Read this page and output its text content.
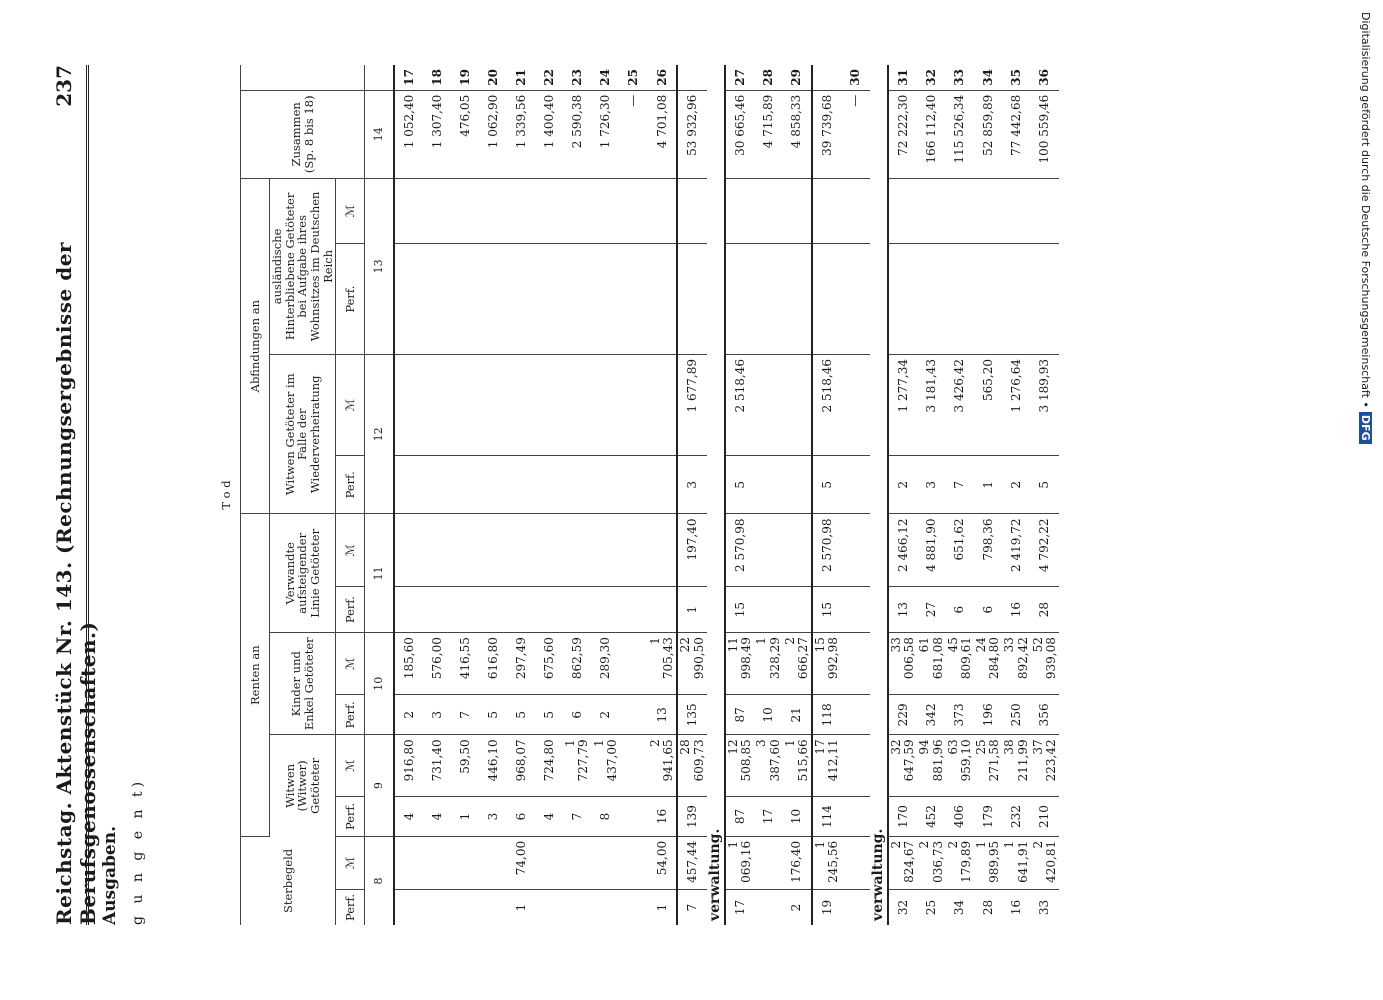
Reichstag. Aktenstück Nr. 143. (Rechnungsergebnisse der Berufsgenossenschaften.)
237
Ausgaben. g u n g e n t)
T o d													
Sterbegeld		Renten an						Abfindungen an				Zusammen (Sp. 8 bis 18)	
		Witwen (Witwer) Getöteter		Kinder und Enkel Getöteter		Verwandte aufsteigender Linie Getöteter		Witwen Getöteter im Falle der Wiederverheiratung		ausländische Hinterbliebene Getöteter bei Aufgabe ihres Wohnsitzes im Deutschen Reich			
Perf.	ℳ	Perf.	ℳ	Perf.	ℳ	Perf.	ℳ	Perf.	ℳ	Perf.	ℳ		
8		9		10		11		12		13		14	
		4	916,80	2	185,60							1 052,40	17
		4	731,40	3	576,00							1 307,40	18
		1	59,50	7	416,55							476,05	19
		3	446,10	5	616,80							1 062,90	20
1	74,00	6	968,07	5	297,49							1 339,56	21
		4	724,80	5	675,60							1 400,40	22
		7	1 727,79	6	862,59							2 590,38	23
		8	1 437,00	2	289,30							1 726,30	24
												—	25
1	54,00	16	2 941,65	13	1 705,43							4 701,08	26
7	457,44	139	28 609,73	135	22 990,50	1	197,40	3	1 677,89			53 932,96	
verwaltung.													
17	1 069,16	87	12 508,85	87	11 998,49	15	2 570,98	5	2 518,46			30 665,46	27
		17	3 387,60	10	1 328,29							4 715,89	28
2	176,40	10	1 515,66	21	2 666,27							4 858,33	29
19	1 245,56	114	17 412,11	118	15 992,98	15	2 570,98	5	2 518,46			39 739,68	
												—	30
verwaltung.													
32	2 824,67	170	32 647,59	229	33 006,58	13	2 466,12	2	1 277,34			72 222,30	31
25	2 036,73	452	94 881,96	342	61 681,08	27	4 881,90	3	3 181,43			166 112,40	32
34	2 179,89	406	63 959,10	373	45 809,61	6	651,62	7	3 426,42			115 526,34	33
28	1 989,95	179	25 271,58	196	24 284,80	6	798,36	1	565,20			52 859,89	34
16	1 641,91	232	38 211,99	250	33 892,42	16	2 419,72	2	1 276,64			77 442,68	35
33	2 420,81	210	37 223,42	356	52 939,08	28	4 792,22	5	3 189,93			100 559,46	36	Digitalisierung gefördert durch die Deutsche Forschungsgemeinschaft •DFG
